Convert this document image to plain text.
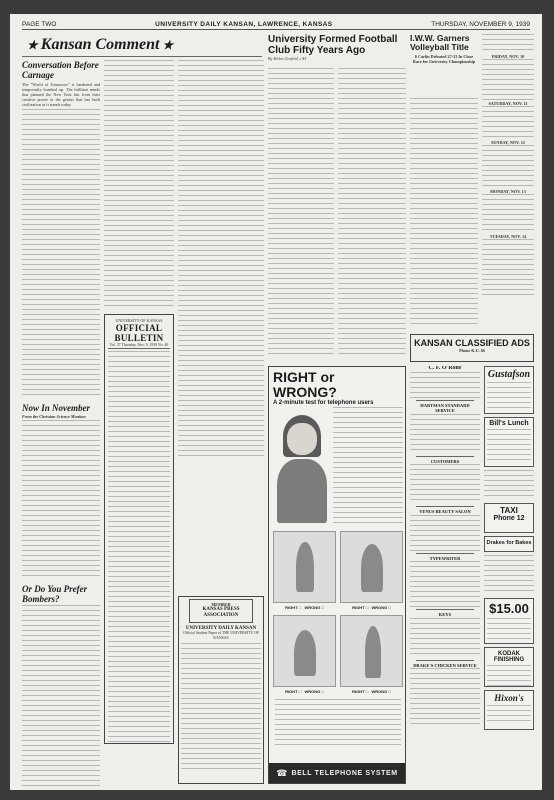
PAGE TWO	UNIVERSITY DAILY KANSAN, LAWRENCE, KANSAS	THURSDAY, NOVEMBER 9, 1939
★ Kansan Comment ★
Conversation Before Carnage
The "World of Tomorrow" is hardened and temporarily bombed up. The brilliant minds that planned the New York fair from their creative power in the genius that has built civilization as it stands today.
Now In November
From the Christian Science Monitor:
Or Do You Prefer Bombers?
UNIVERSITY OF KANSAS
OFFICIAL BULLETIN
Vol. 37 Thursday, Nov. 9, 1939 No. 49
MEMBER
KANSAS PRESS ASSOCIATION
UNIVERSITY DAILY KANSAN
Official Student Paper of THE UNIVERSITY OF KANSAS
University Formed Football Club Fifty Years Ago
By Helen Gorfeld, c'41
RIGHT or WRONG?
A 2-minute test for telephone users
RIGHT □   WRONG □	RIGHT □   WRONG □
RIGHT □   WRONG □	RIGHT □   WRONG □
☎ BELL TELEPHONE SYSTEM
I.W.W. Garners Volleyball Title
6 Carlin Defeated 27-23 In Close Race for University Championship
FRIDAY, NOV. 10
SATURDAY, NOV. 11
SUNDAY, NOV. 12
MONDAY, NOV. 13
TUESDAY, NOV. 14
KANSAN CLASSIFIED ADS
Phone K.U. 66
C. F. O'Rone
HARTMAN STANDARD SERVICE
CUSTOMERS
VENUS BEAUTY SALON
TYPEWRITER
KEYS
DRAKE'S CHICKEN SERVICE
Gustafson
Bill's Lunch
TAXI
Phone 12
Drakes for Bakes
$15.00
KODAK FINISHING
Hixon's
